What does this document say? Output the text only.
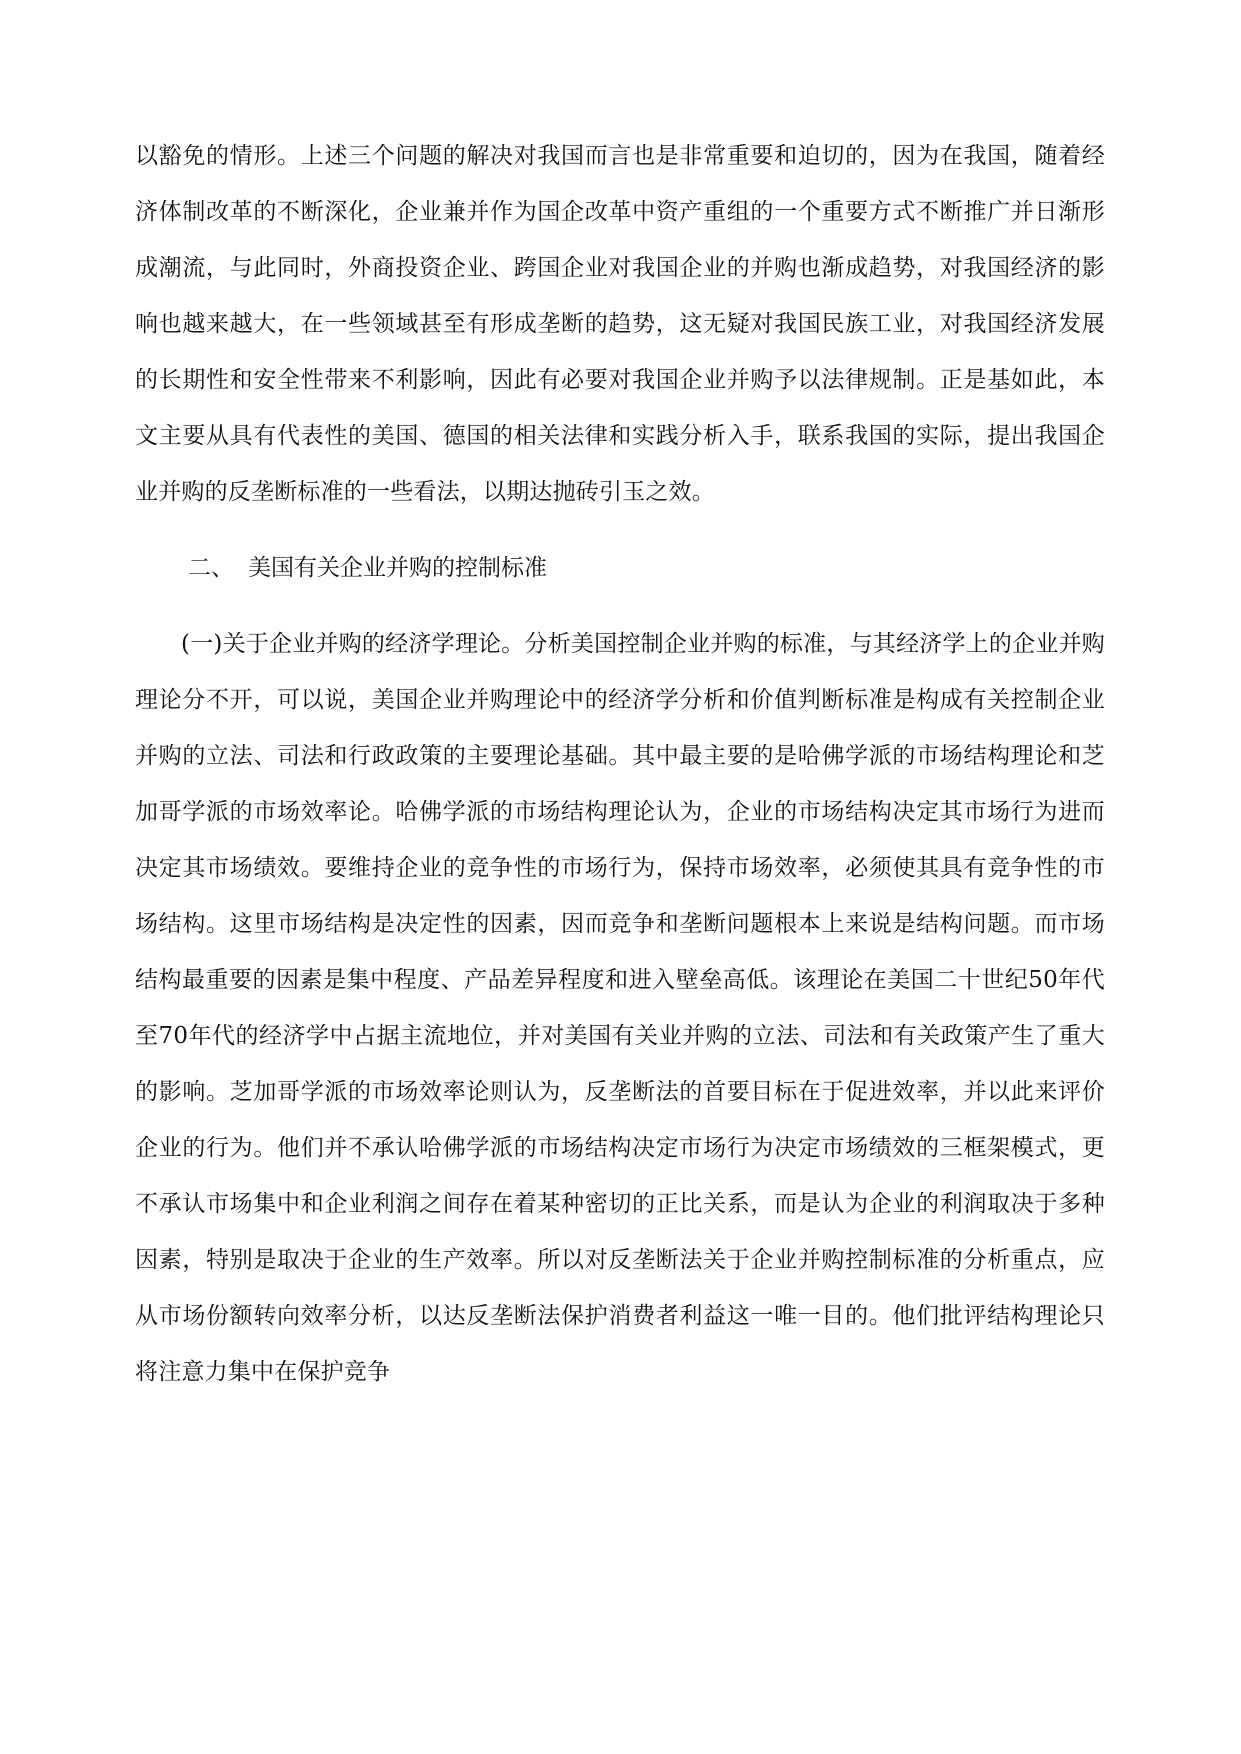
以豁免的情形。上述三个问题的解决对我国而言也是非常重要和迫切的，因为在我国，随着经济体制改革的不断深化，企业兼并作为国企改革中资产重组的一个重要方式不断推广并日渐形成潮流，与此同时，外商投资企业、跨国企业对我国企业的并购也渐成趋势，对我国经济的影响也越来越大，在一些领域甚至有形成垄断的趋势，这无疑对我国民族工业，对我国经济发展的长期性和安全性带来不利影响，因此有必要对我国企业并购予以法律规制。正是基如此，本文主要从具有代表性的美国、德国的相关法律和实践分析入手，联系我国的实际，提出我国企业并购的反垄断标准的一些看法，以期达抛砖引玉之效。

二、 美国有关企业并购的控制标准

(一)关于企业并购的经济学理论。分析美国控制企业并购的标准，与其经济学上的企业并购理论分不开，可以说，美国企业并购理论中的经济学分析和价值判断标准是构成有关控制企业并购的立法、司法和行政政策的主要理论基础。其中最主要的是哈佛学派的市场结构理论和芝加哥学派的市场效率论。哈佛学派的市场结构理论认为，企业的市场结构决定其市场行为进而决定其市场绩效。要维持企业的竞争性的市场行为，保持市场效率，必须使其具有竞争性的市场结构。这里市场结构是决定性的因素，因而竞争和垄断问题根本上来说是结构问题。而市场结构最重要的因素是集中程度、产品差异程度和进入壁垒高低。该理论在美国二十世纪50年代至70年代的经济学中占据主流地位，并对美国有关业并购的立法、司法和有关政策产生了重大的影响。芝加哥学派的市场效率论则认为，反垄断法的首要目标在于促进效率，并以此来评价企业的行为。他们并不承认哈佛学派的市场结构决定市场行为决定市场绩效的三框架模式，更不承认市场集中和企业利润之间存在着某种密切的正比关系，而是认为企业的利润取决于多种因素，特别是取决于企业的生产效率。所以对反垄断法关于企业并购控制标准的分析重点，应从市场份额转向效率分析，以达反垄断法保护消费者利益这一唯一目的。他们批评结构理论只将注意力集中在保护竞争
